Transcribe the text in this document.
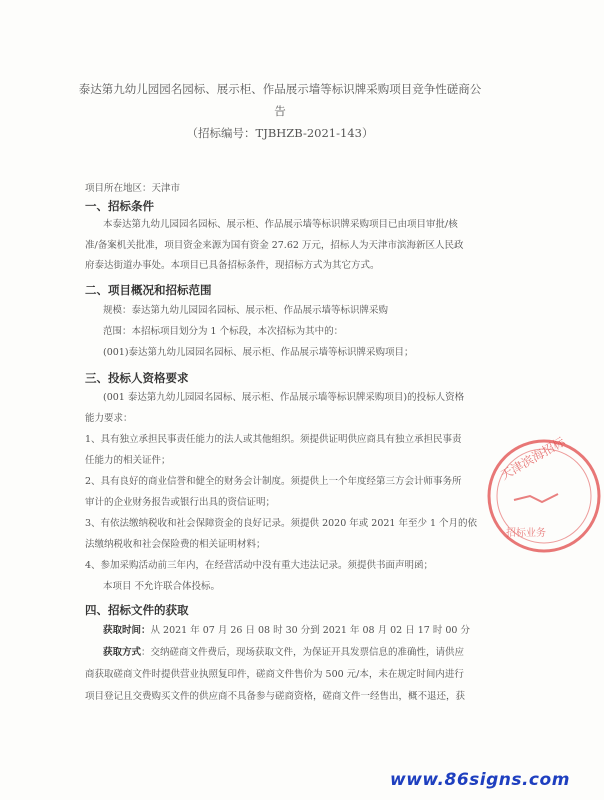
泰达第九幼儿园园名园标、展示柜、作品展示墙等标识牌采购项目竞争性磋商公
告
（招标编号：TJBHZB-2021-143）
项目所在地区：天津市
一、招标条件
本泰达第九幼儿园园名园标、展示柜、作品展示墙等标识牌采购项目已由项目审批/核
准/备案机关批准，项目资金来源为国有资金 27.62 万元，招标人为天津市滨海新区人民政
府泰达街道办事处。本项目已具备招标条件，现招标方式为其它方式。
二、项目概况和招标范围
规模：泰达第九幼儿园园名园标、展示柜、作品展示墙等标识牌采购
范围：本招标项目划分为 1 个标段，本次招标为其中的：
(001)泰达第九幼儿园园名园标、展示柜、作品展示墙等标识牌采购项目；
三、投标人资格要求
(001 泰达第九幼儿园园名园标、展示柜、作品展示墙等标识牌采购项目)的投标人资格
能力要求：
1、具有独立承担民事责任能力的法人或其他组织。须提供证明供应商具有独立承担民事责
任能力的相关证件；
2、具有良好的商业信誉和健全的财务会计制度。须提供上一个年度经第三方会计师事务所
审计的企业财务报告或银行出具的资信证明；
3、有依法缴纳税收和社会保障资金的良好记录。须提供 2020 年或 2021 年至少 1 个月的依
法缴纳税收和社会保险费的相关证明材料；
4、参加采购活动前三年内，在经营活动中没有重大违法记录。须提供书面声明函；
本项目 不允许联合体投标。
四、招标文件的获取
获取时间：从 2021 年 07 月 26 日 08 时 30 分到 2021 年 08 月 02 日 17 时 00 分
获取方式：交纳磋商文件费后，现场获取文件，为保证开具发票信息的准确性，请供应
商获取磋商文件时提供营业执照复印件，磋商文件售价为 500 元/本，未在规定时间内进行
项目登记且交费购买文件的供应商不具备参与磋商资格，磋商文件一经售出，概不退还，获
天津滨海招标
招标业务
www.86signs.com
